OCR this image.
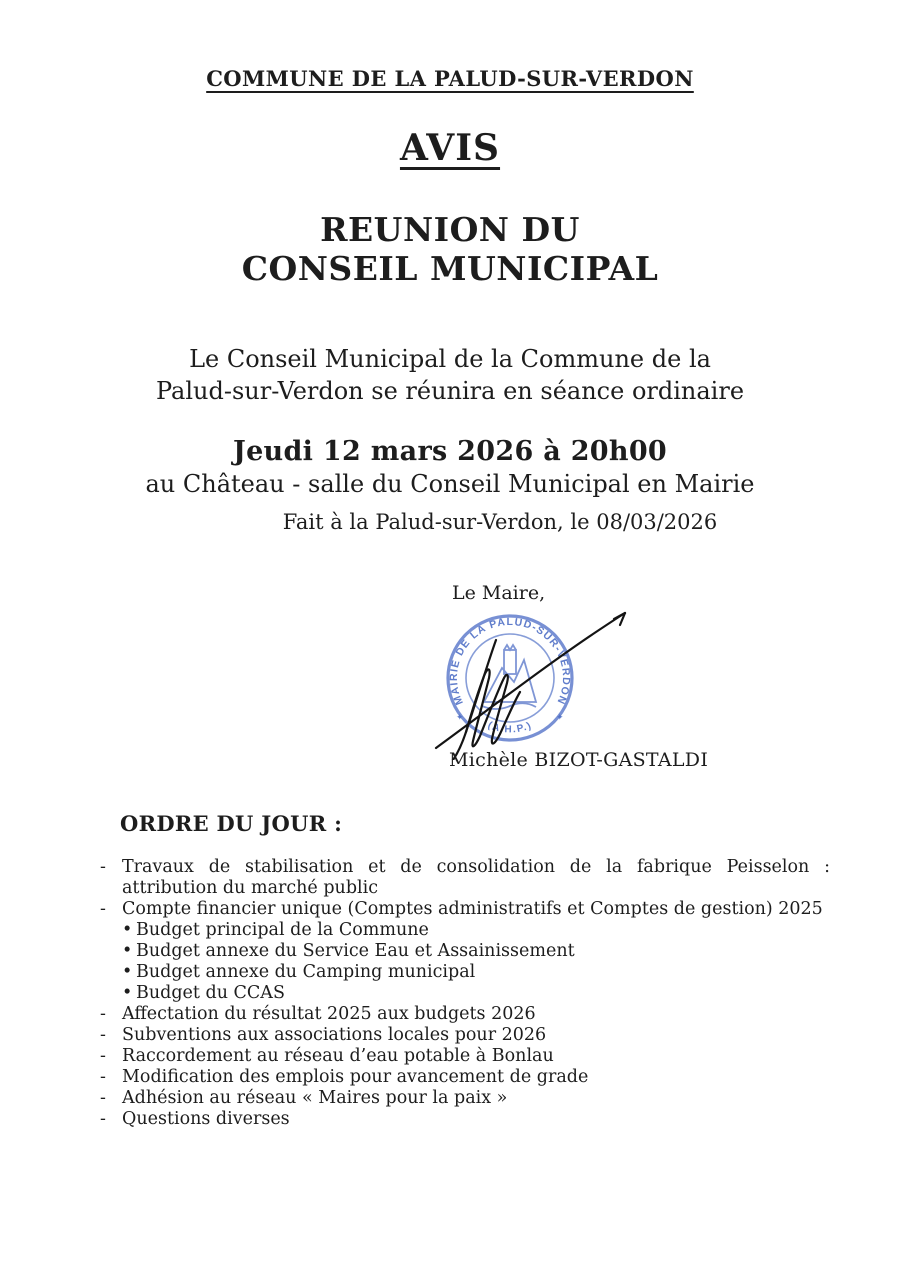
COMMUNE DE LA PALUD-SUR-VERDON
AVIS
REUNION DU
CONSEIL MUNICIPAL
Le Conseil Municipal de la Commune de la
Palud-sur-Verdon se réunira en séance ordinaire
Jeudi 12 mars 2026 à 20h00
au Château - salle du Conseil Municipal en Mairie
Fait à la Palud-sur-Verdon, le 08/03/2026
Le Maire,
MAIRIE DE LA PALUD-SUR-VERDON
(A.H.P.)
✦	✦
Michèle BIZOT-GASTALDI
ORDRE DU JOUR :
- Travaux de stabilisation et de consolidation de la fabrique Peisselon : attribution du marché public
- Compte financier unique (Comptes administratifs et Comptes de gestion) 2025
• Budget principal de la Commune
• Budget annexe du Service Eau et Assainissement
• Budget annexe du Camping municipal
• Budget du CCAS
- Affectation du résultat 2025 aux budgets 2026
- Subventions aux associations locales pour 2026
- Raccordement au réseau d’eau potable à Bonlau
- Modification des emplois pour avancement de grade
- Adhésion au réseau « Maires pour la paix »
- Questions diverses
